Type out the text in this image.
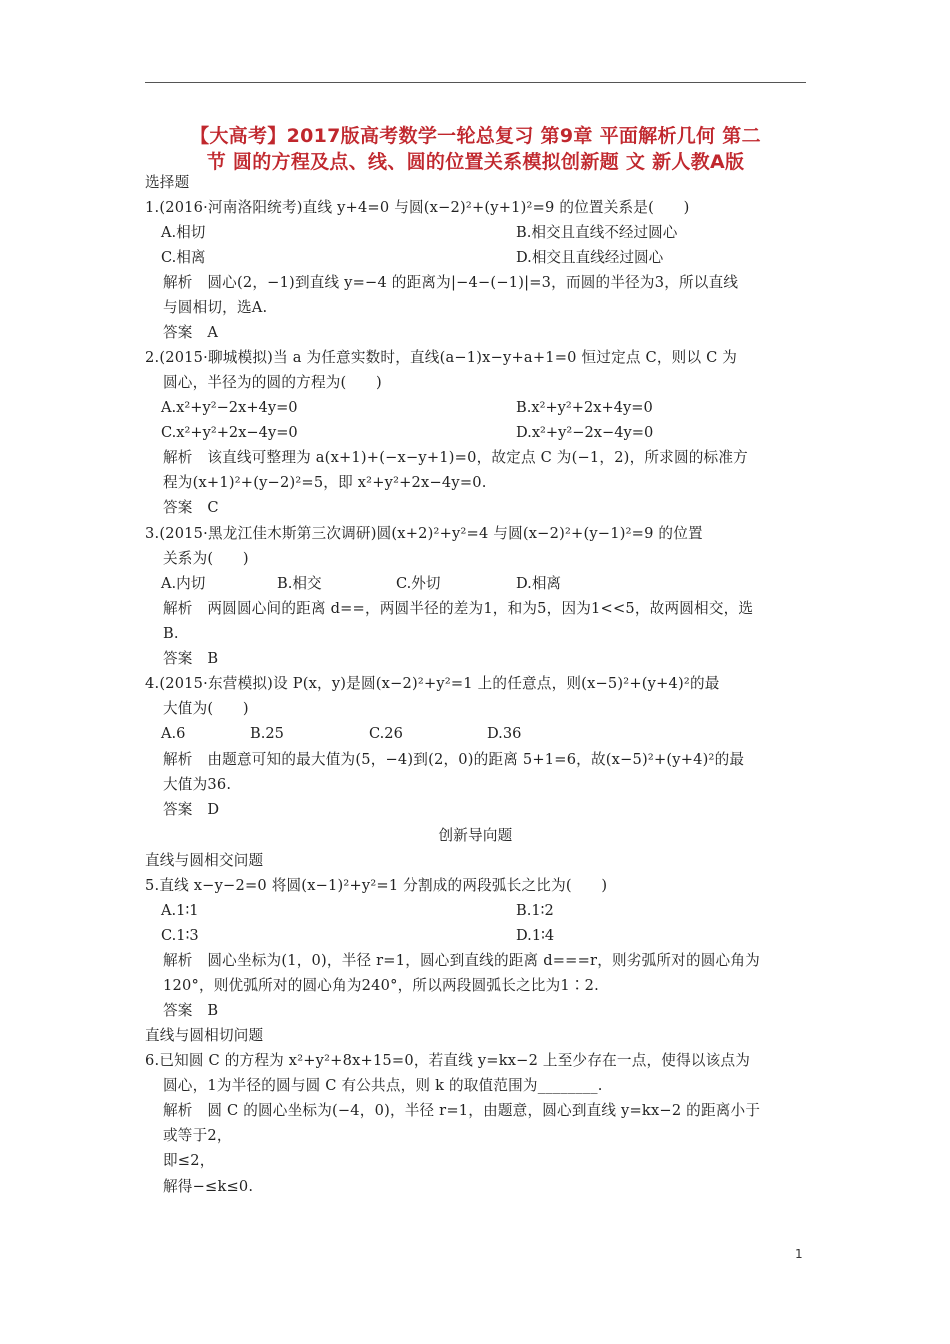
【大高考】2017版高考数学一轮总复习 第9章 平面解析几何 第二
节 圆的方程及点、线、圆的位置关系模拟创新题 文 新人教A版
选择题
1.(2016·河南洛阳统考)直线 y+4=0 与圆(x−2)²+(y+1)²=9 的位置关系是(　　)
A.相切	B.相交且直线不经过圆心
C.相离	D.相交且直线经过圆心
解析　圆心(2，−1)到直线 y=−4 的距离为|−4−(−1)|=3，而圆的半径为3，所以直线
与圆相切，选A.
答案　A
2.(2015·聊城模拟)当 a 为任意实数时，直线(a−1)x−y+a+1=0 恒过定点 C，则以 C 为
圆心，半径为的圆的方程为(　　)
A.x²+y²−2x+4y=0	B.x²+y²+2x+4y=0
C.x²+y²+2x−4y=0	D.x²+y²−2x−4y=0
解析　该直线可整理为 a(x+1)+(−x−y+1)=0，故定点 C 为(−1，2)，所求圆的标准方
程为(x+1)²+(y−2)²=5，即 x²+y²+2x−4y=0.
答案　C
3.(2015·黑龙江佳木斯第三次调研)圆(x+2)²+y²=4 与圆(x−2)²+(y−1)²=9 的位置
关系为(　　)
A.内切	B.相交	C.外切	D.相离
解析　两圆圆心间的距离 d==，两圆半径的差为1，和为5，因为1<<5，故两圆相交，选
B.
答案　B
4.(2015·东营模拟)设 P(x，y)是圆(x−2)²+y²=1 上的任意点，则(x−5)²+(y+4)²的最
大值为(　　)
A.6	B.25	C.26	D.36
解析　由题意可知的最大值为(5，−4)到(2，0)的距离 5+1=6，故(x−5)²+(y+4)²的最
大值为36.
答案　D
创新导向题
直线与圆相交问题
5.直线 x−y−2=0 将圆(x−1)²+y²=1 分割成的两段弧长之比为(　　)
A.1∶1	B.1∶2
C.1∶3	D.1∶4
解析　圆心坐标为(1，0)，半径 r=1，圆心到直线的距离 d===r，则劣弧所对的圆心角为
120°，则优弧所对的圆心角为240°，所以两段圆弧长之比为1∶2.
答案　B
直线与圆相切问题
6.已知圆 C 的方程为 x²+y²+8x+15=0，若直线 y=kx−2 上至少存在一点，使得以该点为
圆心，1为半径的圆与圆 C 有公共点，则 k 的取值范围为________.
解析　圆 C 的圆心坐标为(−4，0)，半径 r=1，由题意，圆心到直线 y=kx−2 的距离小于
或等于2，
即≤2，
解得−≤k≤0.
1
